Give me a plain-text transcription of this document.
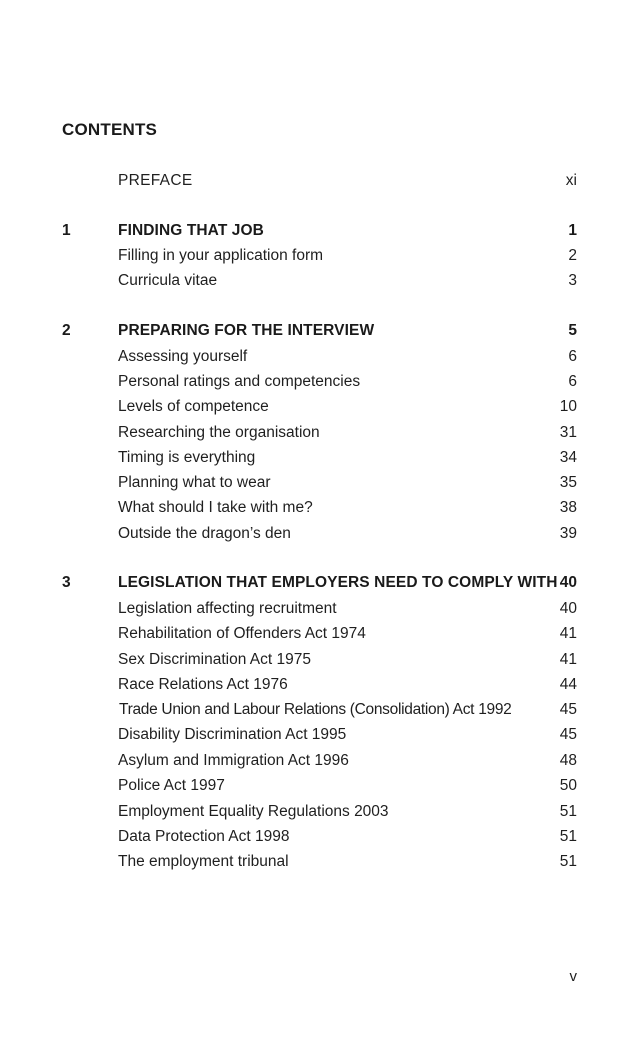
CONTENTS
PREFACE	xi
1	FINDING THAT JOB	1
Filling in your application form	2
Curricula vitae	3
2	PREPARING FOR THE INTERVIEW	5
Assessing yourself	6
Personal ratings and competencies	6
Levels of competence	10
Researching the organisation	31
Timing is everything	34
Planning what to wear	35
What should I take with me?	38
Outside the dragon’s den	39
3	LEGISLATION THAT EMPLOYERS NEED TO COMPLY WITH 40
Legislation affecting recruitment	40
Rehabilitation of Offenders Act 1974	41
Sex Discrimination Act 1975	41
Race Relations Act 1976	44
Trade Union and Labour Relations (Consolidation) Act 1992	45
Disability Discrimination Act 1995	45
Asylum and Immigration Act 1996	48
Police Act 1997	50
Employment Equality Regulations 2003	51
Data Protection Act 1998	51
The employment tribunal	51
v
